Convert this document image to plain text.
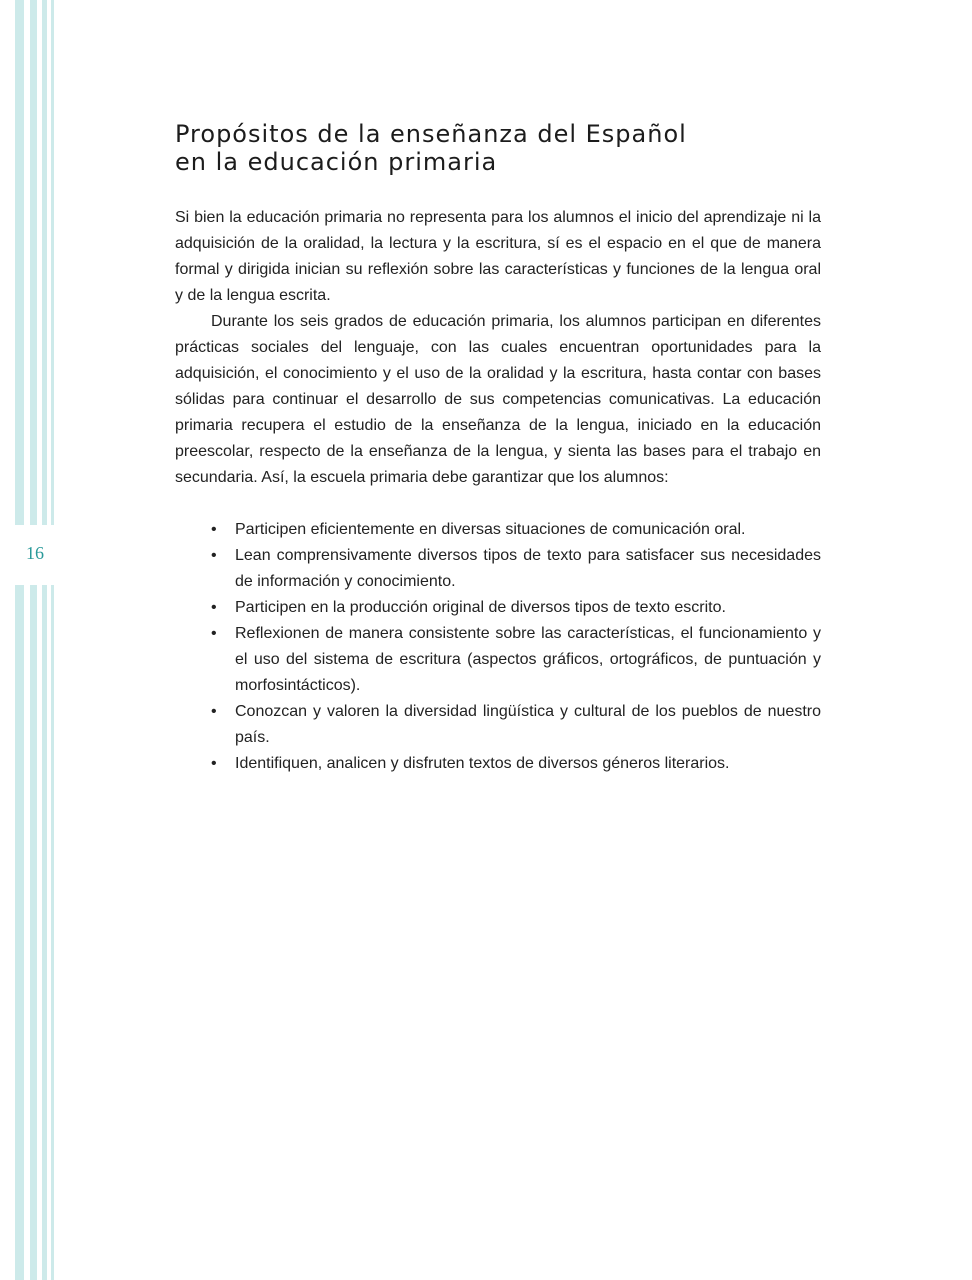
16
Propósitos de la enseñanza del Español
en la educación primaria

Si bien la educación primaria no representa para los alumnos el inicio del aprendizaje ni la adquisición de la oralidad, la lectura y la escritura, sí es el espacio en el que de manera formal y dirigida inician su reflexión sobre las características y funciones de la lengua oral y de la lengua escrita.

Durante los seis grados de educación primaria, los alumnos participan en diferentes prácticas sociales del lenguaje, con las cuales encuentran oportunidades para la adquisición, el conocimiento y el uso de la oralidad y la escritura, hasta contar con bases sólidas para continuar el desarrollo de sus competencias comunicativas. La educación primaria recupera el estudio de la enseñanza de la lengua, iniciado en la educación preescolar, respecto de la enseñanza de la lengua, y sienta las bases para el trabajo en secundaria. Así, la escuela primaria debe garantizar que los alumnos:

• Participen eficientemente en diversas situaciones de comunicación oral.
• Lean comprensivamente diversos tipos de texto para satisfacer sus necesidades de información y conocimiento.
• Participen en la producción original de diversos tipos de texto escrito.
• Reflexionen de manera consistente sobre las características, el funcionamiento y el uso del sistema de escritura (aspectos gráficos, ortográficos, de puntuación y morfosintácticos).
• Conozcan y valoren la diversidad lingüística y cultural de los pueblos de nuestro país.
• Identifiquen, analicen y disfruten textos de diversos géneros literarios.
